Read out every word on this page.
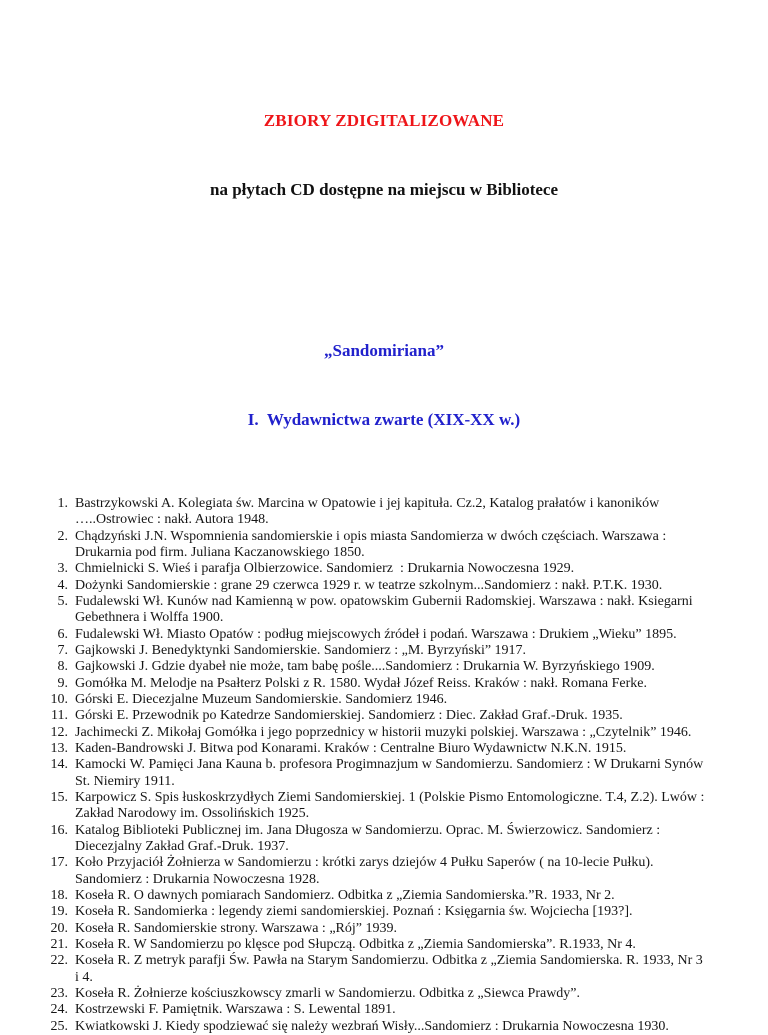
ZBIORY ZDIGITALIZOWANE

na płytach CD dostępne na miejscu w Bibliotece

„Sandomiriana”

I.  Wydawnictwa zwarte (XIX-XX w.)

1. Bastrzykowski A. Kolegiata św. Marcina w Opatowie i jej kapituła. Cz.2, Katalog prałatów i kanoników …..Ostrowiec : nakł. Autora 1948.
2. Chądzyński J.N. Wspomnienia sandomierskie i opis miasta Sandomierza w dwóch częściach. Warszawa : Drukarnia pod firm. Juliana Kaczanowskiego 1850.
3. Chmielnicki S. Wieś i parafja Olbierzowice. Sandomierz  : Drukarnia Nowoczesna 1929.
4. Dożynki Sandomierskie : grane 29 czerwca 1929 r. w teatrze szkolnym...Sandomierz : nakł. P.T.K. 1930.
5. Fudalewski Wł. Kunów nad Kamienną w pow. opatowskim Gubernii Radomskiej. Warszawa : nakł. Ksiegarni Gebethnera i Wolffa 1900.
6. Fudalewski Wł. Miasto Opatów : podług miejscowych źródeł i podań. Warszawa : Drukiem „Wieku” 1895.
7. Gajkowski J. Benedyktynki Sandomierskie. Sandomierz : „M. Byrzyński” 1917.
8. Gajkowski J. Gdzie dyabeł nie może, tam babę pośle....Sandomierz : Drukarnia W. Byrzyńskiego 1909.
9. Gomółka M. Melodje na Psałterz Polski z R. 1580. Wydał Józef Reiss. Kraków : nakł. Romana Ferke.
10. Górski E. Diecezjalne Muzeum Sandomierskie. Sandomierz 1946.
11. Górski E. Przewodnik po Katedrze Sandomierskiej. Sandomierz : Diec. Zakład Graf.-Druk. 1935.
12. Jachimecki Z. Mikołaj Gomółka i jego poprzednicy w historii muzyki polskiej. Warszawa : „Czytelnik” 1946.
13. Kaden-Bandrowski J. Bitwa pod Konarami. Kraków : Centralne Biuro Wydawnictw N.K.N. 1915.
14. Kamocki W. Pamięci Jana Kauna b. profesora Progimnazjum w Sandomierzu. Sandomierz : W Drukarni Synów St. Niemiry 1911.
15. Karpowicz S. Spis łuskoskrzydłych Ziemi Sandomierskiej. 1 (Polskie Pismo Entomologiczne. T.4, Z.2). Lwów : Zakład Narodowy im. Ossolińskich 1925.
16. Katalog Biblioteki Publicznej im. Jana Długosza w Sandomierzu. Oprac. M. Świerzowicz. Sandomierz : Diecezjalny Zakład Graf.-Druk. 1937.
17. Koło Przyjaciół Żołnierza w Sandomierzu : krótki zarys dziejów 4 Pułku Saperów ( na 10-lecie Pułku). Sandomierz : Drukarnia Nowoczesna 1928.
18. Koseła R. O dawnych pomiarach Sandomierz. Odbitka z „Ziemia Sandomierska.”R. 1933, Nr 2.
19. Koseła R. Sandomierka : legendy ziemi sandomierskiej. Poznań : Księgarnia św. Wojciecha [193?].
20. Koseła R. Sandomierskie strony. Warszawa : „Rój” 1939.
21. Koseła R. W Sandomierzu po klęsce pod Słupczą. Odbitka z „Ziemia Sandomierska”. R.1933, Nr 4.
22. Koseła R. Z metryk parafji Św. Pawła na Starym Sandomierzu. Odbitka z „Ziemia Sandomierska. R. 1933, Nr 3 i 4.
23. Koseła R. Żołnierze kościuszkowscy zmarli w Sandomierzu. Odbitka z „Siewca Prawdy”.
24. Kostrzewski F. Pamiętnik. Warszawa : S. Lewental 1891.
25. Kwiatkowski J. Kiedy spodziewać się należy wezbrań Wisły...Sandomierz : Drukarnia Nowoczesna 1930.
